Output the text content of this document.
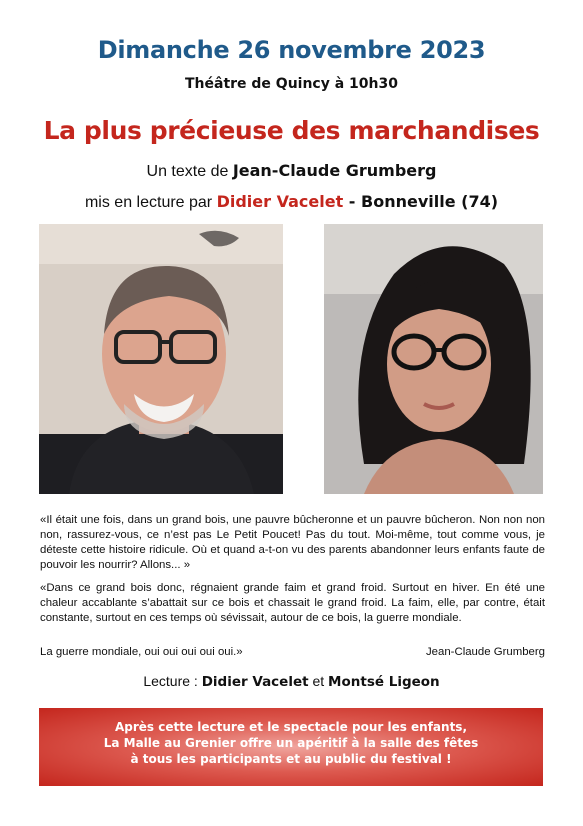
Dimanche 26 novembre 2023
Théâtre de Quincy à 10h30
La plus précieuse des marchandises
Un texte de Jean-Claude Grumberg
mis en lecture par Didier Vacelet - Bonneville (74)
«Il était une fois, dans un grand bois, une pauvre bûcheronne et un pauvre bûcheron. Non non non non, rassurez-vous, ce n’est pas Le Petit Poucet! Pas du tout. Moi-même, tout comme vous, je déteste cette histoire ridicule. Où et quand a-t-on vu des parents abandonner leurs enfants faute de pouvoir les nourrir? Allons... »
«Dans ce grand bois donc, régnaient grande faim et grand froid. Surtout en hiver. En été une chaleur accablante s’abattait sur ce bois et chassait le grand froid. La faim, elle, par contre, était constante, surtout en ces temps où sévissait, autour de ce bois, la guerre mondiale.
La guerre mondiale, oui oui oui oui oui.»	Jean-Claude Grumberg
Lecture : Didier Vacelet et Montsé Ligeon
Après cette lecture et le spectacle pour les enfants,
La Malle au Grenier offre un apéritif à la salle des fêtes
à tous les participants et au public du festival !
